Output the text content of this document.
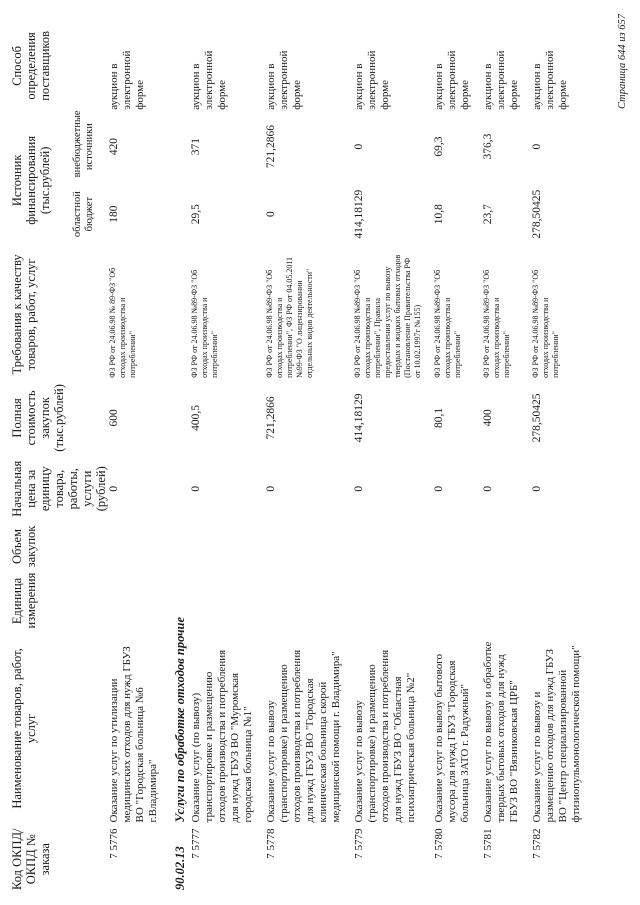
Код ОКПД/ ОКПД № заказа	Наименование товаров, работ, услуг	Единица измерения	Объем закупок	Начальная цена за единицу товара, работы, услуги (рублей)	Полная стоимость закупок (тыс.рублей)	Требования к качеству товаров, работ, услуг	Источник финансирования (тыс.рублей)		Способ определения поставщиков
							областной бюджет	внебюджетные источники	
7 5776	Оказание услуг по утилизации медицинских отходов для нужд ГБУЗ ВО "Городская больница №6 г.Владимира"			0	600	ФЗ РФ от 24.06.98 № 89-ФЗ "Об отходах производства и потреблении"	180	420	аукцион в электронной форме
90.02.13	Услуги по обработке отходов прочие								
7 5777	Оказание услуг (по вывозу) транспортировке и размещению отходов производства и потребления для нужд ГБУЗ ВО "Муромская городская больница №1"			0	400,5	ФЗ РФ от 24.06.98 №89-ФЗ "Об отходах производства и потреблении"	29,5	371	аукцион в электронной форме
7 5778	Оказание услуг по вывозу (транспортировке) и размещению отходов производства и потребления для нужд ГБУЗ ВО "Городская клиническая больница скорой медицинской помощи г. Владимира"			0	721,2866	ФЗ РФ от 24.06.98 №89-ФЗ "Об отходах производства и потреблении", ФЗ РФ от 04.05.2011 №99-ФЗ "О лицензировании отдельных видов деятельности"	0	721,2866	аукцион в электронной форме
7 5779	Оказание услуг по вывозу (транспортировке) и размещению отходов производства и потребления для нужд ГБУЗ ВО "Областная психиатрическая больница №2"			0	414,18129	ФЗ РФ от 24.06.98 №89-ФЗ "Об отходах производства и потреблении", Правила предоставления услуг по вывозу твердых и жидких бытовых отходов (Постановление Правительства РФ от 10.02.1997г №155)	414,18129	0	аукцион в электронной форме
7 5780	Оказание услуг по вывозу бытового мусора для нужд ГБУЗ "Городская больница ЗАТО г. Радужный"			0	80,1	ФЗ РФ от 24.06.98 №89-ФЗ "Об отходах производства и потреблении"	10,8	69,3	аукцион в электронной форме
7 5781	Оказание услуг по вывозу и обработке твердых бытовых отходов для нужд ГБУЗ ВО "Вязниковская ЦРБ"			0	400	ФЗ РФ от 24.06.98 №89-ФЗ "Об отходах производства и потреблении"	23,7	376,3	аукцион в электронной форме
7 5782	Оказание услуг по вывозу и размещению отходов для нужд ГБУЗ ВО "Центр специализированной фтизиопульмонологической помощи"			0	278,50425	ФЗ РФ от 24.06.98 №89-ФЗ "Об отходах производства и потреблении"	278,50425	0	аукцион в электронной форме	Страница 644 из 657
